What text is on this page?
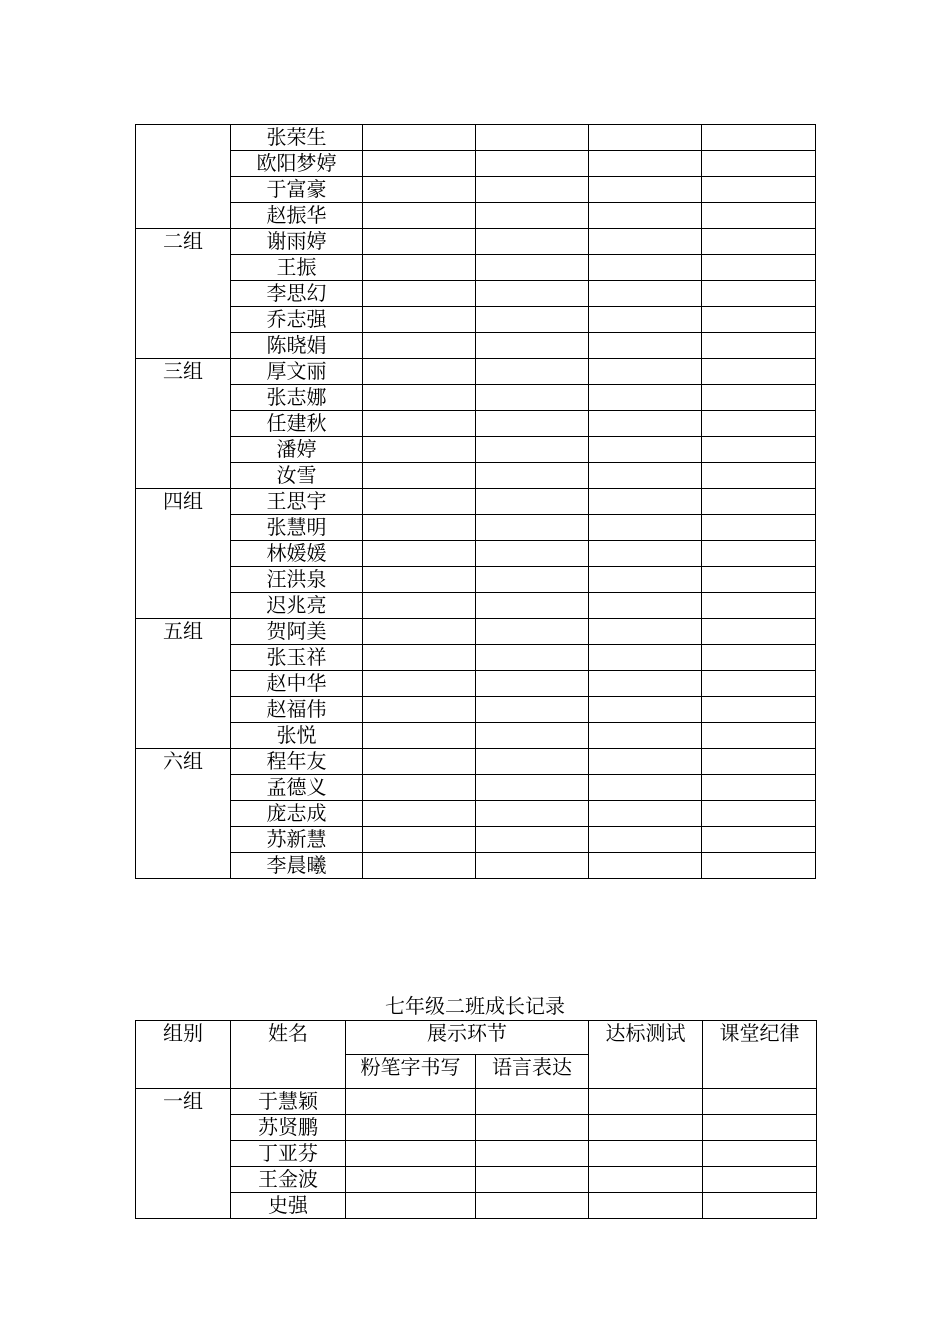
	张荣生				
	欧阳梦婷				
	于富豪				
	赵振华				
二组	谢雨婷				
	王振				
	李思幻				
	乔志强				
	陈晓娟				
三组	厚文丽				
	张志娜				
	任建秋				
	潘婷				
	汝雪				
四组	王思宇				
	张慧明				
	林媛媛				
	汪洪泉				
	迟兆亮				
五组	贺阿美				
	张玉祥				
	赵中华				
	赵福伟				
	张悦				
六组	程年友				
	孟德义				
	庞志成				
	苏新慧				
	李晨曦				
七年级二班成长记录
组别	姓名	展示环节		达标测试	课堂纪律
		粉笔字书写	语言表达		
一组	于慧颖				
	苏贤鹏				
	丁亚芬				
	王金波				
	史强				
